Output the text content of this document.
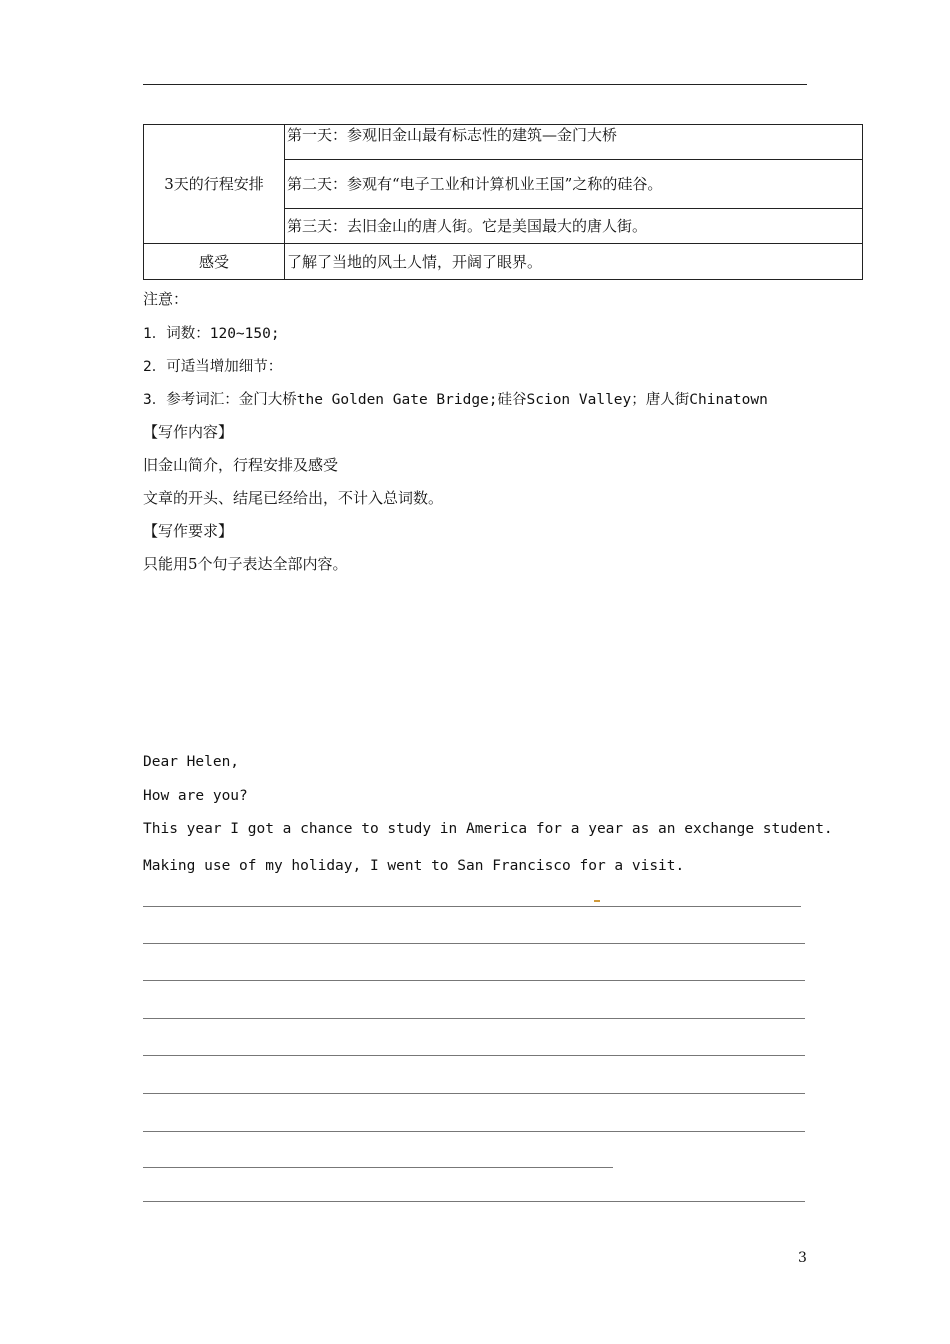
3天的行程安排	第一天：参观旧金山最有标志性的建筑—金门大桥
	第二天：参观有“电子工业和计算机业王国”之称的硅谷。
	第三天：去旧金山的唐人街。它是美国最大的唐人街。
感受	了解了当地的风土人情，开阔了眼界。
注意：
1．词数：120~150;
2．可适当增加细节：
3．参考词汇：金门大桥the Golden Gate Bridge;硅谷Scion Valley；唐人街Chinatown
【写作内容】
旧金山简介，行程安排及感受
文章的开头、结尾已经给出，不计入总词数。
【写作要求】
只能用5个句子表达全部内容。
Dear Helen,
How are you?
This year I got a chance to study in America for a year as an exchange student.
Making use of my holiday, I went to San Francisco for a visit.
3
